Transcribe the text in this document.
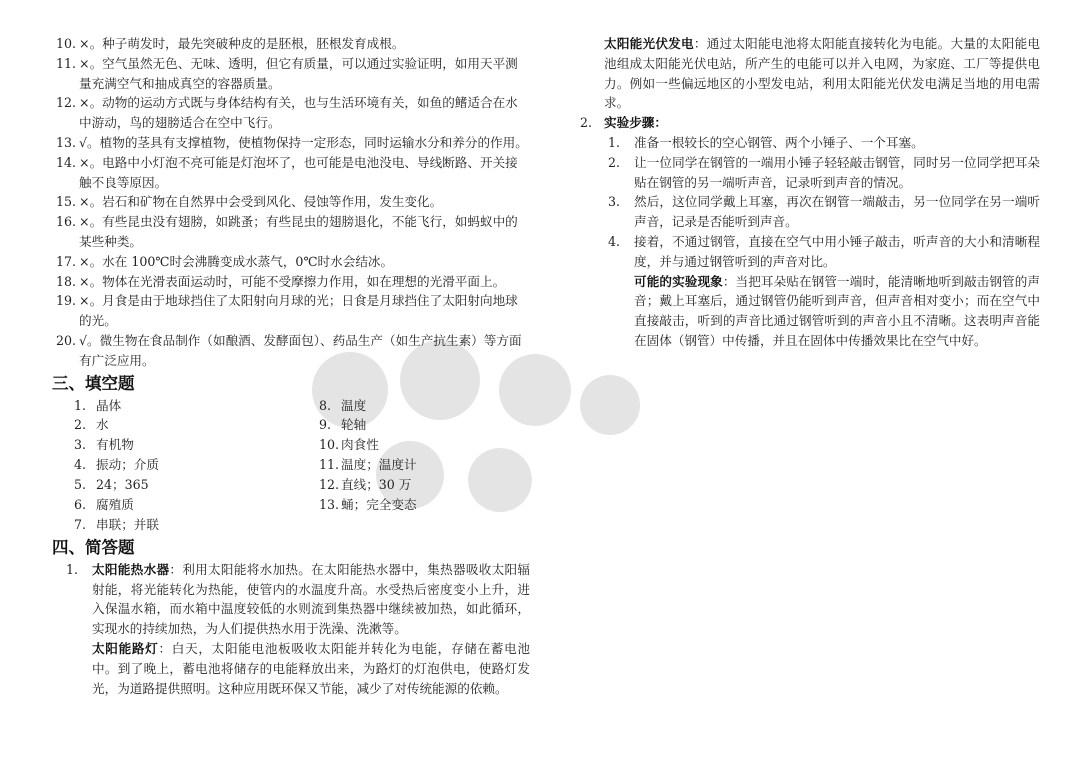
10. ×。种子萌发时，最先突破种皮的是胚根，胚根发育成根。
11. ×。空气虽然无色、无味、透明，但它有质量，可以通过实验证明，如用天平测量充满空气和抽成真空的容器质量。
12. ×。动物的运动方式既与身体结构有关，也与生活环境有关，如鱼的鳍适合在水中游动，鸟的翅膀适合在空中飞行。
13. √。植物的茎具有支撑植物，使植物保持一定形态，同时运输水分和养分的作用。
14. ×。电路中小灯泡不亮可能是灯泡坏了，也可能是电池没电、导线断路、开关接触不良等原因。
15. ×。岩石和矿物在自然界中会受到风化、侵蚀等作用，发生变化。
16. ×。有些昆虫没有翅膀，如跳蚤；有些昆虫的翅膀退化，不能飞行，如蚂蚁中的某些种类。
17. ×。水在 100℃时会沸腾变成水蒸气，0℃时水会结冰。
18. ×。物体在光滑表面运动时，可能不受摩擦力作用，如在理想的光滑平面上。
19. ×。月食是由于地球挡住了太阳射向月球的光；日食是月球挡住了太阳射向地球的光。
20. √。微生物在食品制作（如酿酒、发酵面包）、药品生产（如生产抗生素）等方面有广泛应用。
三、填空题
1. 晶体
2. 水
3. 有机物
4. 振动；介质
5. 24；365
6. 腐殖质
7. 串联；并联
8. 温度
9. 轮轴
10. 肉食性
11. 温度；温度计
12. 直线；30 万
13. 蛹；完全变态
四、简答题
1.	太阳能热水器：利用太阳能将水加热。在太阳能热水器中，集热器吸收太阳辐射能，将光能转化为热能，使管内的水温度升高。水受热后密度变小上升，进入保温水箱，而水箱中温度较低的水则流到集热器中继续被加热，如此循环，实现水的持续加热，为人们提供热水用于洗澡、洗漱等。

太阳能路灯：白天，太阳能电池板吸收太阳能并转化为电能，存储在蓄电池中。到了晚上，蓄电池将储存的电能释放出来，为路灯的灯泡供电，使路灯发光，为道路提供照明。这种应用既环保又节能，减少了对传统能源的依赖。

太阳能光伏发电：通过太阳能电池将太阳能直接转化为电能。大量的太阳能电池组成太阳能光伏电站，所产生的电能可以并入电网，为家庭、工厂等提供电力。例如一些偏远地区的小型发电站，利用太阳能光伏发电满足当地的用电需求。

2. 实验步骤：
1.	准备一根较长的空心钢管、两个小锤子、一个耳塞。
2.	让一位同学在钢管的一端用小锤子轻轻敲击钢管，同时另一位同学把耳朵贴在钢管的另一端听声音，记录听到声音的情况。
3.	然后，这位同学戴上耳塞，再次在钢管一端敲击，另一位同学在另一端听声音，记录是否能听到声音。
4.	接着，不通过钢管，直接在空气中用小锤子敲击，听声音的大小和清晰程度，并与通过钢管听到的声音对比。

可能的实验现象：当把耳朵贴在钢管一端时，能清晰地听到敲击钢管的声音；戴上耳塞后，通过钢管仍能听到声音，但声音相对变小；而在空气中直接敲击，听到的声音比通过钢管听到的声音小且不清晰。这表明声音能在固体（钢管）中传播，并且在固体中传播效果比在空气中好。
